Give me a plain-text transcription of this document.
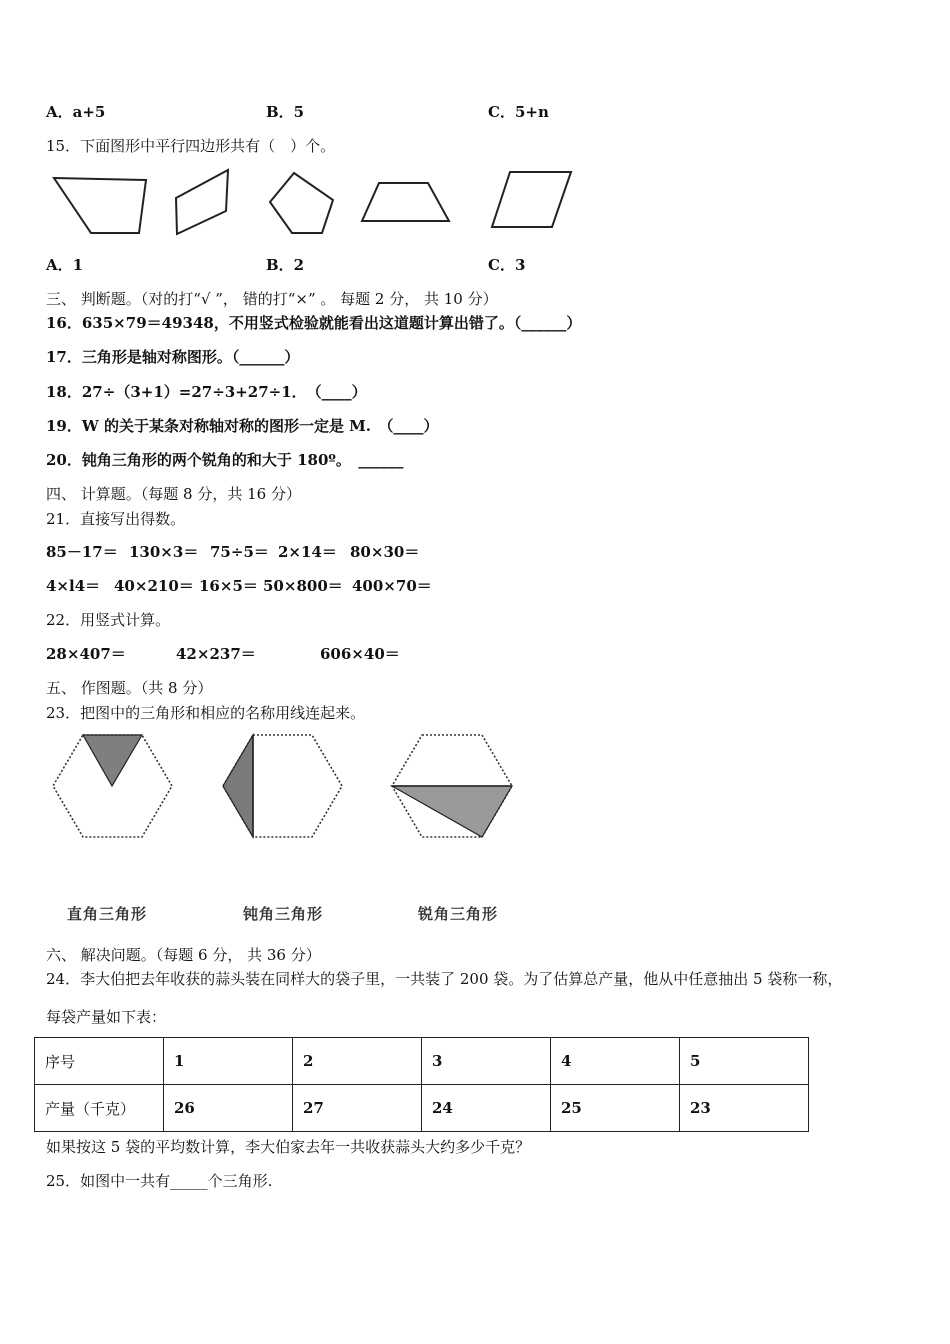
A．a+5	B．5	C．5+n
15．下面图形中平行四边形共有（　）个。
A．1	B．2	C．3
三、 判断题。（对的打“√ ”， 错的打“×” 。 每题 2 分， 共 10 分）
16．635×79＝49348，不用竖式检验就能看出这道题计算出错了。（______）
17．三角形是轴对称图形。（______）
18．27÷（3+1）=27÷3+27÷1．　（____）
19．W 的关于某条对称轴对称的图形一定是 M.　（____）
20．钝角三角形的两个锐角的和大于 180º。　______
四、 计算题。（每题 8 分，共 16 分）
21．直接写出得数。
85－17＝ 130×3＝ 75÷5＝ 2×14＝ 80×30＝
4×l4＝ 40×210＝ 16×5＝ 50×800＝ 400×70＝
22．用竖式计算。
28×407＝	42×237＝	606×40＝
五、 作图题。（共 8 分）
23．把图中的三角形和相应的名称用线连起来。
直角三角形	钝角三角形	锐角三角形
六、 解决问题。（每题 6 分， 共 36 分）
24．李大伯把去年收获的蒜头装在同样大的袋子里，一共装了 200 袋。为了估算总产量，他从中任意抽出 5 袋称一称，
每袋产量如下表：
序号	1	2	3	4	5
产量（千克）	26	27	24	25	23
如果按这 5 袋的平均数计算，李大伯家去年一共收获蒜头大约多少千克？
25．如图中一共有_____个三角形.
